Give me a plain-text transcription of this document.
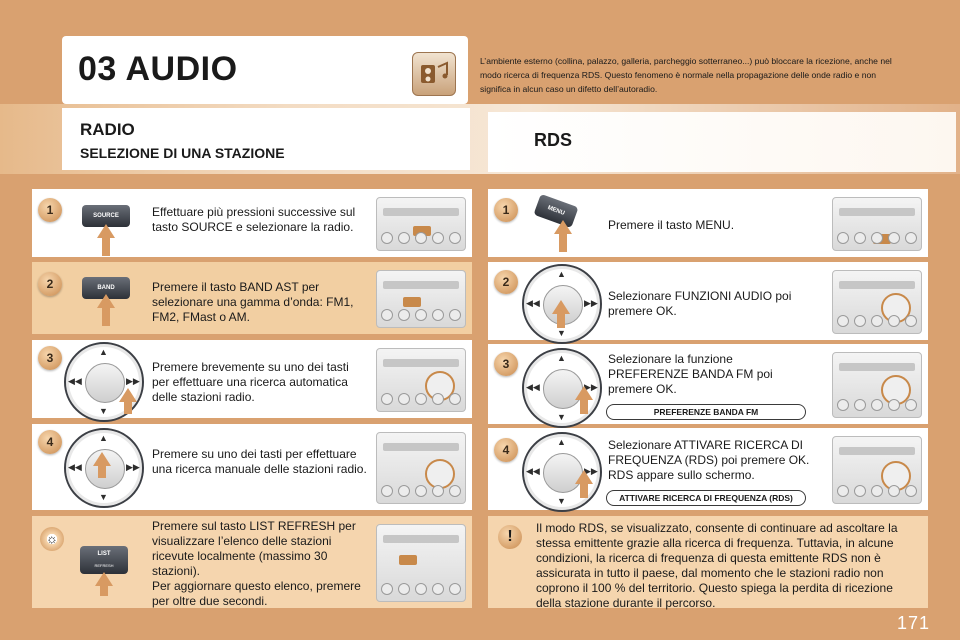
03 AUDIO	L’ambiente esterno (collina, palazzo, galleria, parcheggio sotterraneo...) può bloccare la ricezione, anche nel modo ricerca di frequenza RDS. Questo fenomeno è normale nella propagazione delle onde radio e non signiﬁca in alcun caso un difetto dell’autoradio.
RADIO
SELEZIONE DI UNA STAZIONE
RDS
1	SOURCE	Effettuare più pressioni successive sul tasto SOURCE e selezionare la radio.
2	BAND	Premere il tasto BAND AST per selezionare una gamma d’onda: FM1, FM2, FMast o AM.
3	▲
▼
◀◀	▶▶
Premere brevemente su uno dei tasti per effettuare una ricerca automatica delle stazioni radio.
4	▲
▼
◀◀	▶▶
Premere su uno dei tasti per effettuare una ricerca manuale delle stazioni radio.
☼
LIST
REFRESH
Premere sul tasto LIST REFRESH per visualizzare l’elenco delle stazioni ricevute localmente (massimo 30 stazioni).
Per aggiornare questo elenco, premere per oltre due secondi.
1	MENU
Premere il tasto MENU.
2
▲
▼
◀◀	▶▶ Selezionare FUNZIONI AUDIO poi premere OK.
3	▲
▼
◀◀	▶▶
Selezionare la funzione PREFERENZE BANDA FM poi premere OK.
PREFERENZE BANDA FM
4
▲
▼
◀◀	▶▶
Selezionare ATTIVARE RICERCA DI FREQUENZA (RDS) poi premere OK. RDS appare sullo schermo.
ATTIVARE RICERCA DI FREQUENZA (RDS)
!	Il modo RDS, se visualizzato, consente di continuare ad ascoltare la stessa emittente grazie alla ricerca di frequenza. Tuttavia, in alcune condizioni, la ricerca di frequenza di questa emittente RDS non è assicurata in tutto il paese, dal momento che le stazioni radio non coprono il 100 % del territorio. Questo spiega la perdita di ricezione della stazione durante il percorso.
171
